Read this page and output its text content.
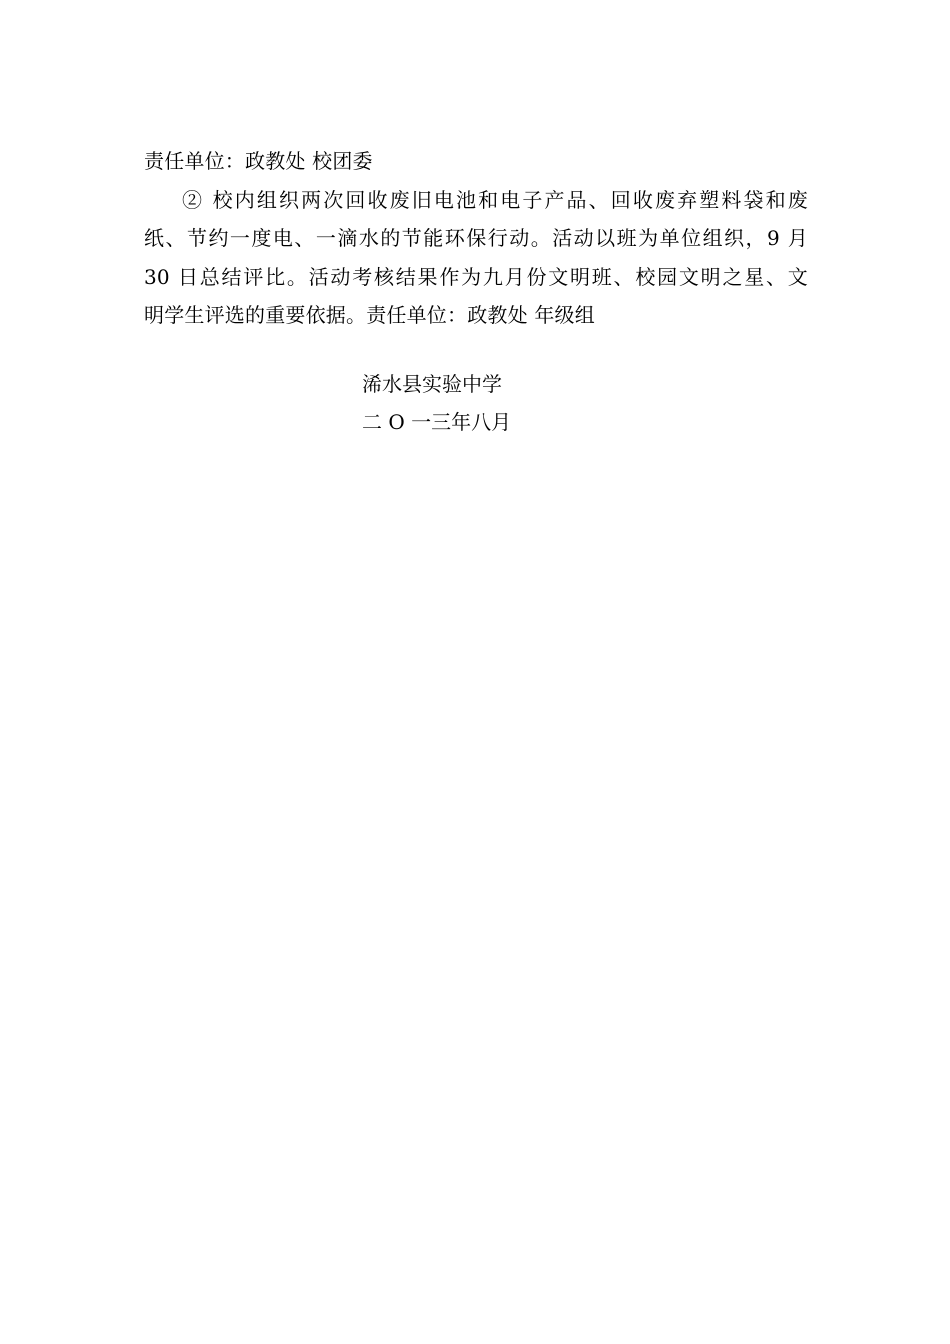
责任单位：政教处 校团委

② 校内组织两次回收废旧电池和电子产品、回收废弃塑料袋和废

纸、节约一度电、一滴水的节能环保行动。活动以班为单位组织，9 月

30 日总结评比。活动考核结果作为九月份文明班、校园文明之星、文

明学生评选的重要依据。责任单位：政教处 年级组

浠水县实验中学
二 O 一三年八月
